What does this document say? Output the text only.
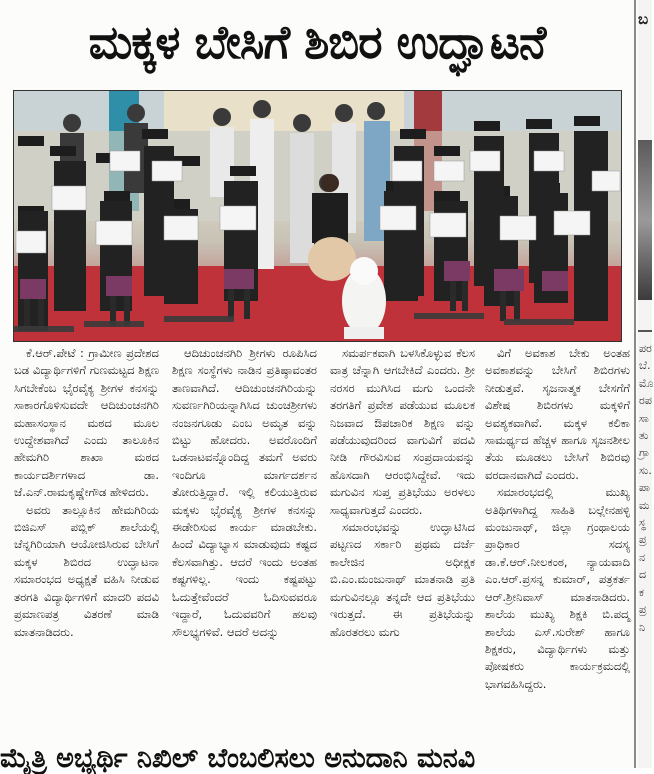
ಮಕ್ಕಳ ಬೇಸಿಗೆ ಶಿಬಿರ ಉದ್ಘಾಟನೆ

ಕೆ.ಆರ್.ಪೇಟೆ : ಗ್ರಾಮೀಣ ಪ್ರದೇಶದ ಬಡ ವಿದ್ಯಾರ್ಥಿಗಳಿಗೆ ಗುಣಮಟ್ಟದ ಶಿಕ್ಷಣ ಸಿಗಬೇಕೆಂಬ ಭೈರವೈಕ್ಯ ಶ್ರೀಗಳ ಕನಸನ್ನು ಸಾಕಾರಗೊಳಿಸುವದೇ ಆದಿಚುಂಚನಗಿರಿ ಮಹಾಸಂಸ್ಥಾನ ಮಠದ ಮೂಲ ಉದ್ದೇಶವಾಗಿದೆ ಎಂದು ತಾಲೂಕಿನ ಹೇಮಗಿರಿ ಶಾಖಾ ಮಠದ ಕಾರ್ಯದರ್ಶಿಗಳಾದ ಡಾ. ಜೆ.ಎನ್.ರಾಮಕೃಷ್ಣೇಗೌಡ ಹೇಳಿದರು.

ಅವರು ತಾಲ್ಲೂಕಿನ ಹೇಮಗಿರಿಯ ಬಿಜಿಎಸ್ ಪಬ್ಲಿಕ್ ಶಾಲೆಯಲ್ಲಿ ಚೆನ್ನಗಿರಿಯಾಗಿ ಆಯೋಜಿಸಿರುವ ಬೇಸಿಗೆ ಮಕ್ಕಳ ಶಿಬಿರದ ಉದ್ಘಾಟನಾ ಸಮಾರಂಭದ ಅಧ್ಯಕ್ಷತೆ ವಹಿಸಿ ನೀಡುವ ತರಗತಿ ವಿದ್ಯಾರ್ಥಿಗಳಿಗೆ ಮಾದರಿ ಪದವಿ ಪ್ರಮಾಣಪತ್ರ ವಿತರಣೆ ಮಾಡಿ ಮಾತನಾಡಿದರು.

ಆದಿಚುಂಚನಗಿರಿ ಶ್ರೀಗಳು ರೂಪಿಸಿದ ಶಿಕ್ಷಣ ಸಂಸ್ಥೆಗಳು ನಾಡಿನ ಪ್ರತಿಷ್ಠಾವಂತರ ತಾಣವಾಗಿದೆ. ಆದಿಚುಂಚನಗಿರಿಯನ್ನು ಸುವರ್ಣಗಿರಿಯನ್ನಾಗಿಸಿದ ಚುಂಚಶ್ರೀಗಳು ನಂಜನಗೂಡು ಎಂಬ ಅಮೃತ ವನ್ನು ಬಿಟ್ಟು ಹೋದರು. ಅವರೊಂದಿಗೆ ಒಡನಾಟವನ್ನೊಂದಿದ್ದ ತಮಗೆ ಅವರು ಇಂದಿಗೂ ಮಾರ್ಗದರ್ಶನ ತೋರುತ್ತಿದ್ದಾರೆ. ಇಲ್ಲಿ ಕಲಿಯುತ್ತಿರುವ ಮಕ್ಕಳು ಭೈರವೈಕ್ಯ ಶ್ರೀಗಳ ಕನಸನ್ನು ಈಡೇರಿಸುವ ಕಾರ್ಯ ಮಾಡಬೇಕು. ಹಿಂದೆ ವಿದ್ಯಾಭ್ಯಾಸ ಮಾಡುವುದು ಕಷ್ಟದ ಕೆಲಸವಾಗಿತ್ತು. ಆದರೆ ಇಂದು ಅಂತಹ ಕಷ್ಟಗಳಿಲ್ಲ. ಇಂದು ಕಷ್ಟಪಟ್ಟು ಓದುತ್ತೇವೆಂದರೆ ಓದಿಸುವವರೂ ಇದ್ದಾರೆ, ಓದುವವರಿಗೆ ಹಲವು ಸೌಲಭ್ಯಗಳಿವೆ. ಆದರೆ ಅದನ್ನು

ಸಮರ್ಪಕವಾಗಿ ಬಳಸಿಕೊಳ್ಳುವ ಕೆಲಸ ವಾತ್ರ ಚೆನ್ನಾಗಿ ಆಗಬೇಕಿದೆ ಎಂದರು. ಶ್ರೀ ನರಸರ ಮುಗಿಸಿದ ಮಗು ಒಂದನೇ ತರಗತಿಗೆ ಪ್ರವೇಶ ಪಡೆಯುವ ಮೂಲಕ ನಿಜವಾದ ಔಪಚಾರಿಕ ಶಿಕ್ಷಣ ವನ್ನು ಪಡೆಯುವುದರಿಂದ ವಾಗುವಿಗೆ ಪದವಿ ನೀಡಿ ಗೌರವಿಸುವ ಸಂಪ್ರದಾಯವನ್ನು ಹೊಸದಾಗಿ ಆರಂಭಿಸಿದ್ದೇವೆ. ಇದು ಮಗುವಿನ ಸುಪ್ತ ಪ್ರತಿಭೆಯು ಅರಳಲು ಸಾಧ್ಯವಾಗುತ್ತದೆ ಎಂದರು.

ಸಮಾರಂಭವನ್ನು ಉದ್ಘಾಟಿಸಿದ ಪಟ್ಟಣದ ಸರ್ಕಾರಿ ಪ್ರಥಮ ದರ್ಜೆ ಕಾಲೇಜಿನ ಅಧೀಕ್ಷಕ ಬಿ.ಎಂ.ಮಂಜುನಾಥ್ ಮಾತನಾಡಿ ಪ್ರತಿ ಮಗುವಿನಲ್ಲೂ ತನ್ನದೇ ಆದ ಪ್ರತಿಭೆಯು ಇರುತ್ತದೆ. ಈ ಪ್ರತಿಭೆಯನ್ನು ಹೊರತರಲು ಮಗು

ವಿಗೆ ಅವಕಾಶ ಬೇಕು ಅಂತಹ ಅವಕಾಶವನ್ನು ಬೇಸಿಗೆ ಶಿಬಿರಗಳು ನೀಡುತ್ತವೆ. ಸೃಜನಾತ್ಮಕ ಬೇಸಗೆಗೆ ವಿಶೇಷ ಶಿಬಿರಗಳು ಮಕ್ಕಳಿಗೆ ಅವಶ್ಯಕವಾಗಿವೆ. ಮಕ್ಕಳ ಕಲಿಕಾ ಸಾಮರ್ಥ್ಯದ ಹೆಚ್ಚಳ ಹಾಗೂ ಸೃಜನಶೀಲ ತೆಯ ಮೂಡಲು ಬೇಸಿಗೆ ಶಿಬಿರವು ವರದಾನವಾಗಿದೆ ಎಂದರು.

ಸಮಾರಂಭದಲ್ಲಿ ಮುಖ್ಯ ಅತಿಥಿಗಳಾಗಿದ್ದ ಸಾಹಿತಿ ಬಲ್ಲೇನಹಳ್ಳಿ ಮಂಜುನಾಥ್, ಜಿಲ್ಲಾ ಗ್ರಂಥಾಲಯ ಪ್ರಾಧಿಕಾರ ಸದಸ್ಯ ಡಾ.ಕೆ.ಆರ್.ನೀಲಕಂಠ, ನ್ಯಾಯವಾದಿ ಎಂ.ಆರ್.ಪ್ರಸನ್ನ ಕುಮಾರ್, ಪತ್ರಕರ್ತ ಆರ್.ಶ್ರೀನಿವಾಸ್ ಮಾತನಾಡಿದರು. ಶಾಲೆಯ ಮುಖ್ಯ ಶಿಕ್ಷಕಿ ಬಿ.ಪದ್ಮ ಶಾಲೆಯ ಎಸ್.ಸುರೇಶ್ ಹಾಗೂ ಶಿಕ್ಷಕರು, ವಿದ್ಯಾರ್ಥಿಗಳು ಮತ್ತು ಪೋಷಕರು ಕಾರ್ಯಕ್ರಮದಲ್ಲಿ ಭಾಗವಹಿಸಿದ್ದರು.

ಮೈತ್ರಿ ಅಭ್ಯರ್ಥಿ ನಿಖಿಲ್ ಬೆಂಬಲಿಸಲು ಅನುದಾನಿ ಮನವಿ
ಬ
ಪರ
ಬೆ.
ಮೊ
ರಪ
ಸಾ
ತು
ಗ್ರಾ
ಸು.
ಪಾ
ಮ
ಸ್ಥ
ಪ್ರ
ನ
ದ
ಕ
ಪ್ರ
ನಿ
